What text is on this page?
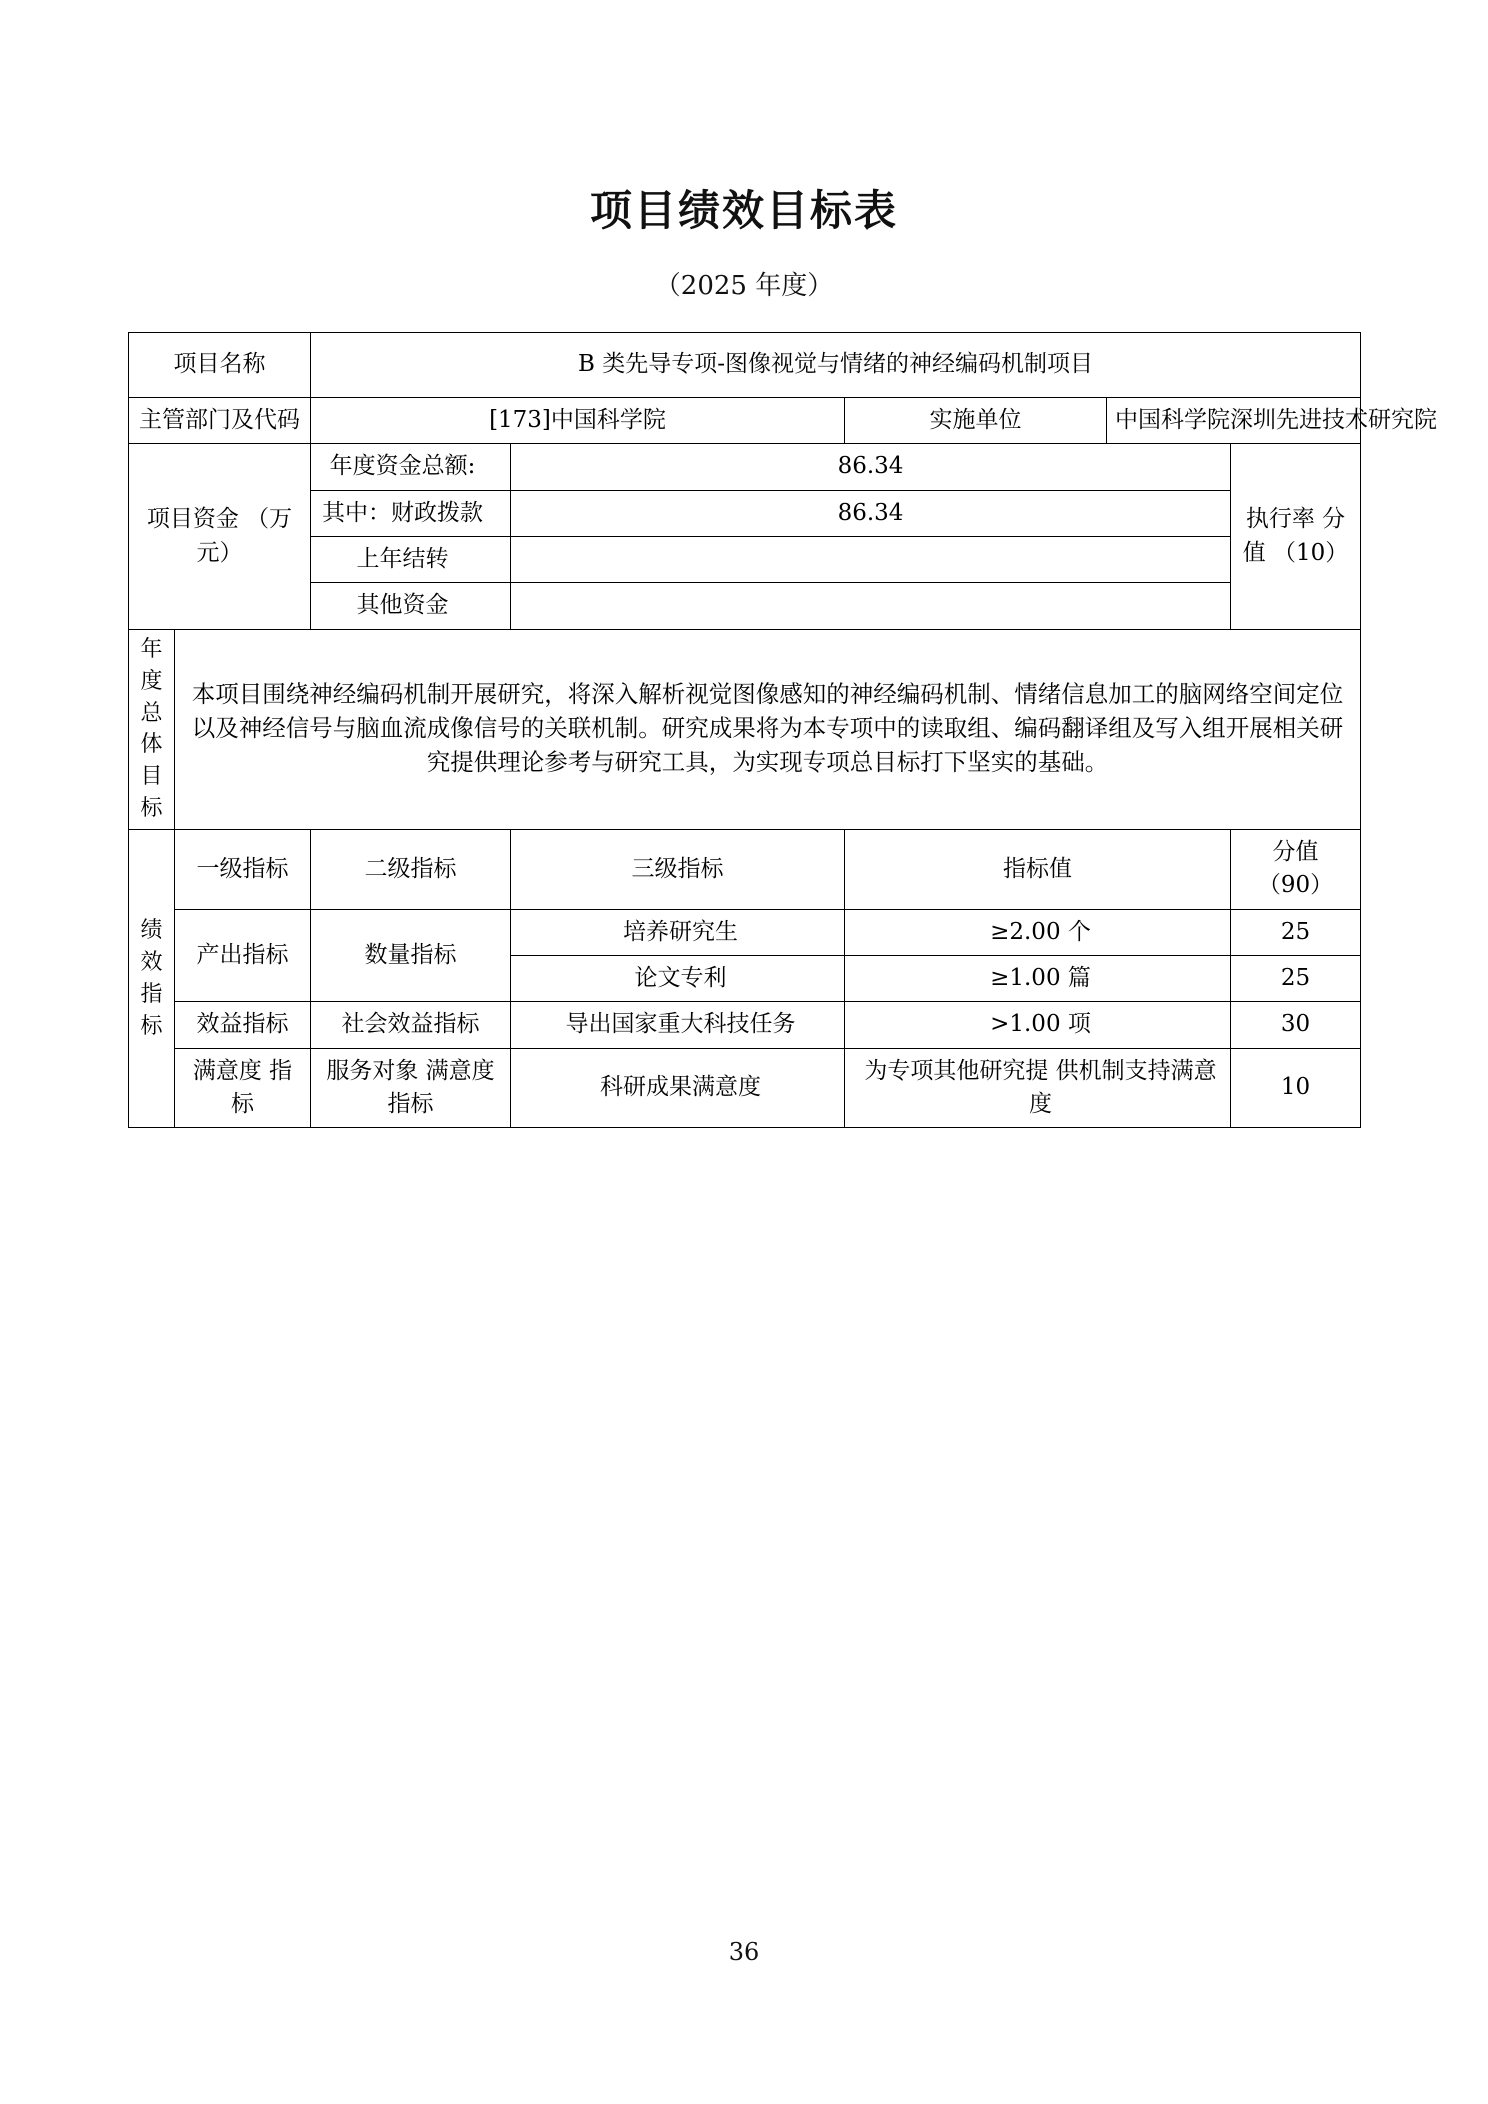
项目绩效目标表
（2025 年度）
项目名称		B 类先导专项-图像视觉与情绪的神经编码机制项目				
主管部门及代码		[173]中国科学院		实施单位	中国科学院深圳先进技术研究院	
项目资金 （万元）		年度资金总额:	86.34			执行率 分值 （10）
		其中：财政拨款	86.34			
		上年结转				
		其他资金				

年
度
总
体
目
标
	本项目围绕神经编码机制开展研究，将深入解析视觉图像感知的神经编码机制、情绪信息加工的脑网络空间定位以及神经信号与脑血流成像信号的关联机制。研究成果将为本专项中的读取组、编码翻译组及写入组开展相关研究提供理论参考与研究工具，为实现专项总目标打下坚实的基础。

绩
效
指
标	一级指标	二级指标	三级指标	指标值		分值 （90）
	产出指标	数量指标	培养研究生	≥2.00 个		25
			论文专利	≥1.00 篇		25
	效益指标	社会效益指标	导出国家重大科技任务	>1.00 项		30
	满意度 指标	服务对象 满意度指标	科研成果满意度	为专项其他研究提 供机制支持满意度		10
36
